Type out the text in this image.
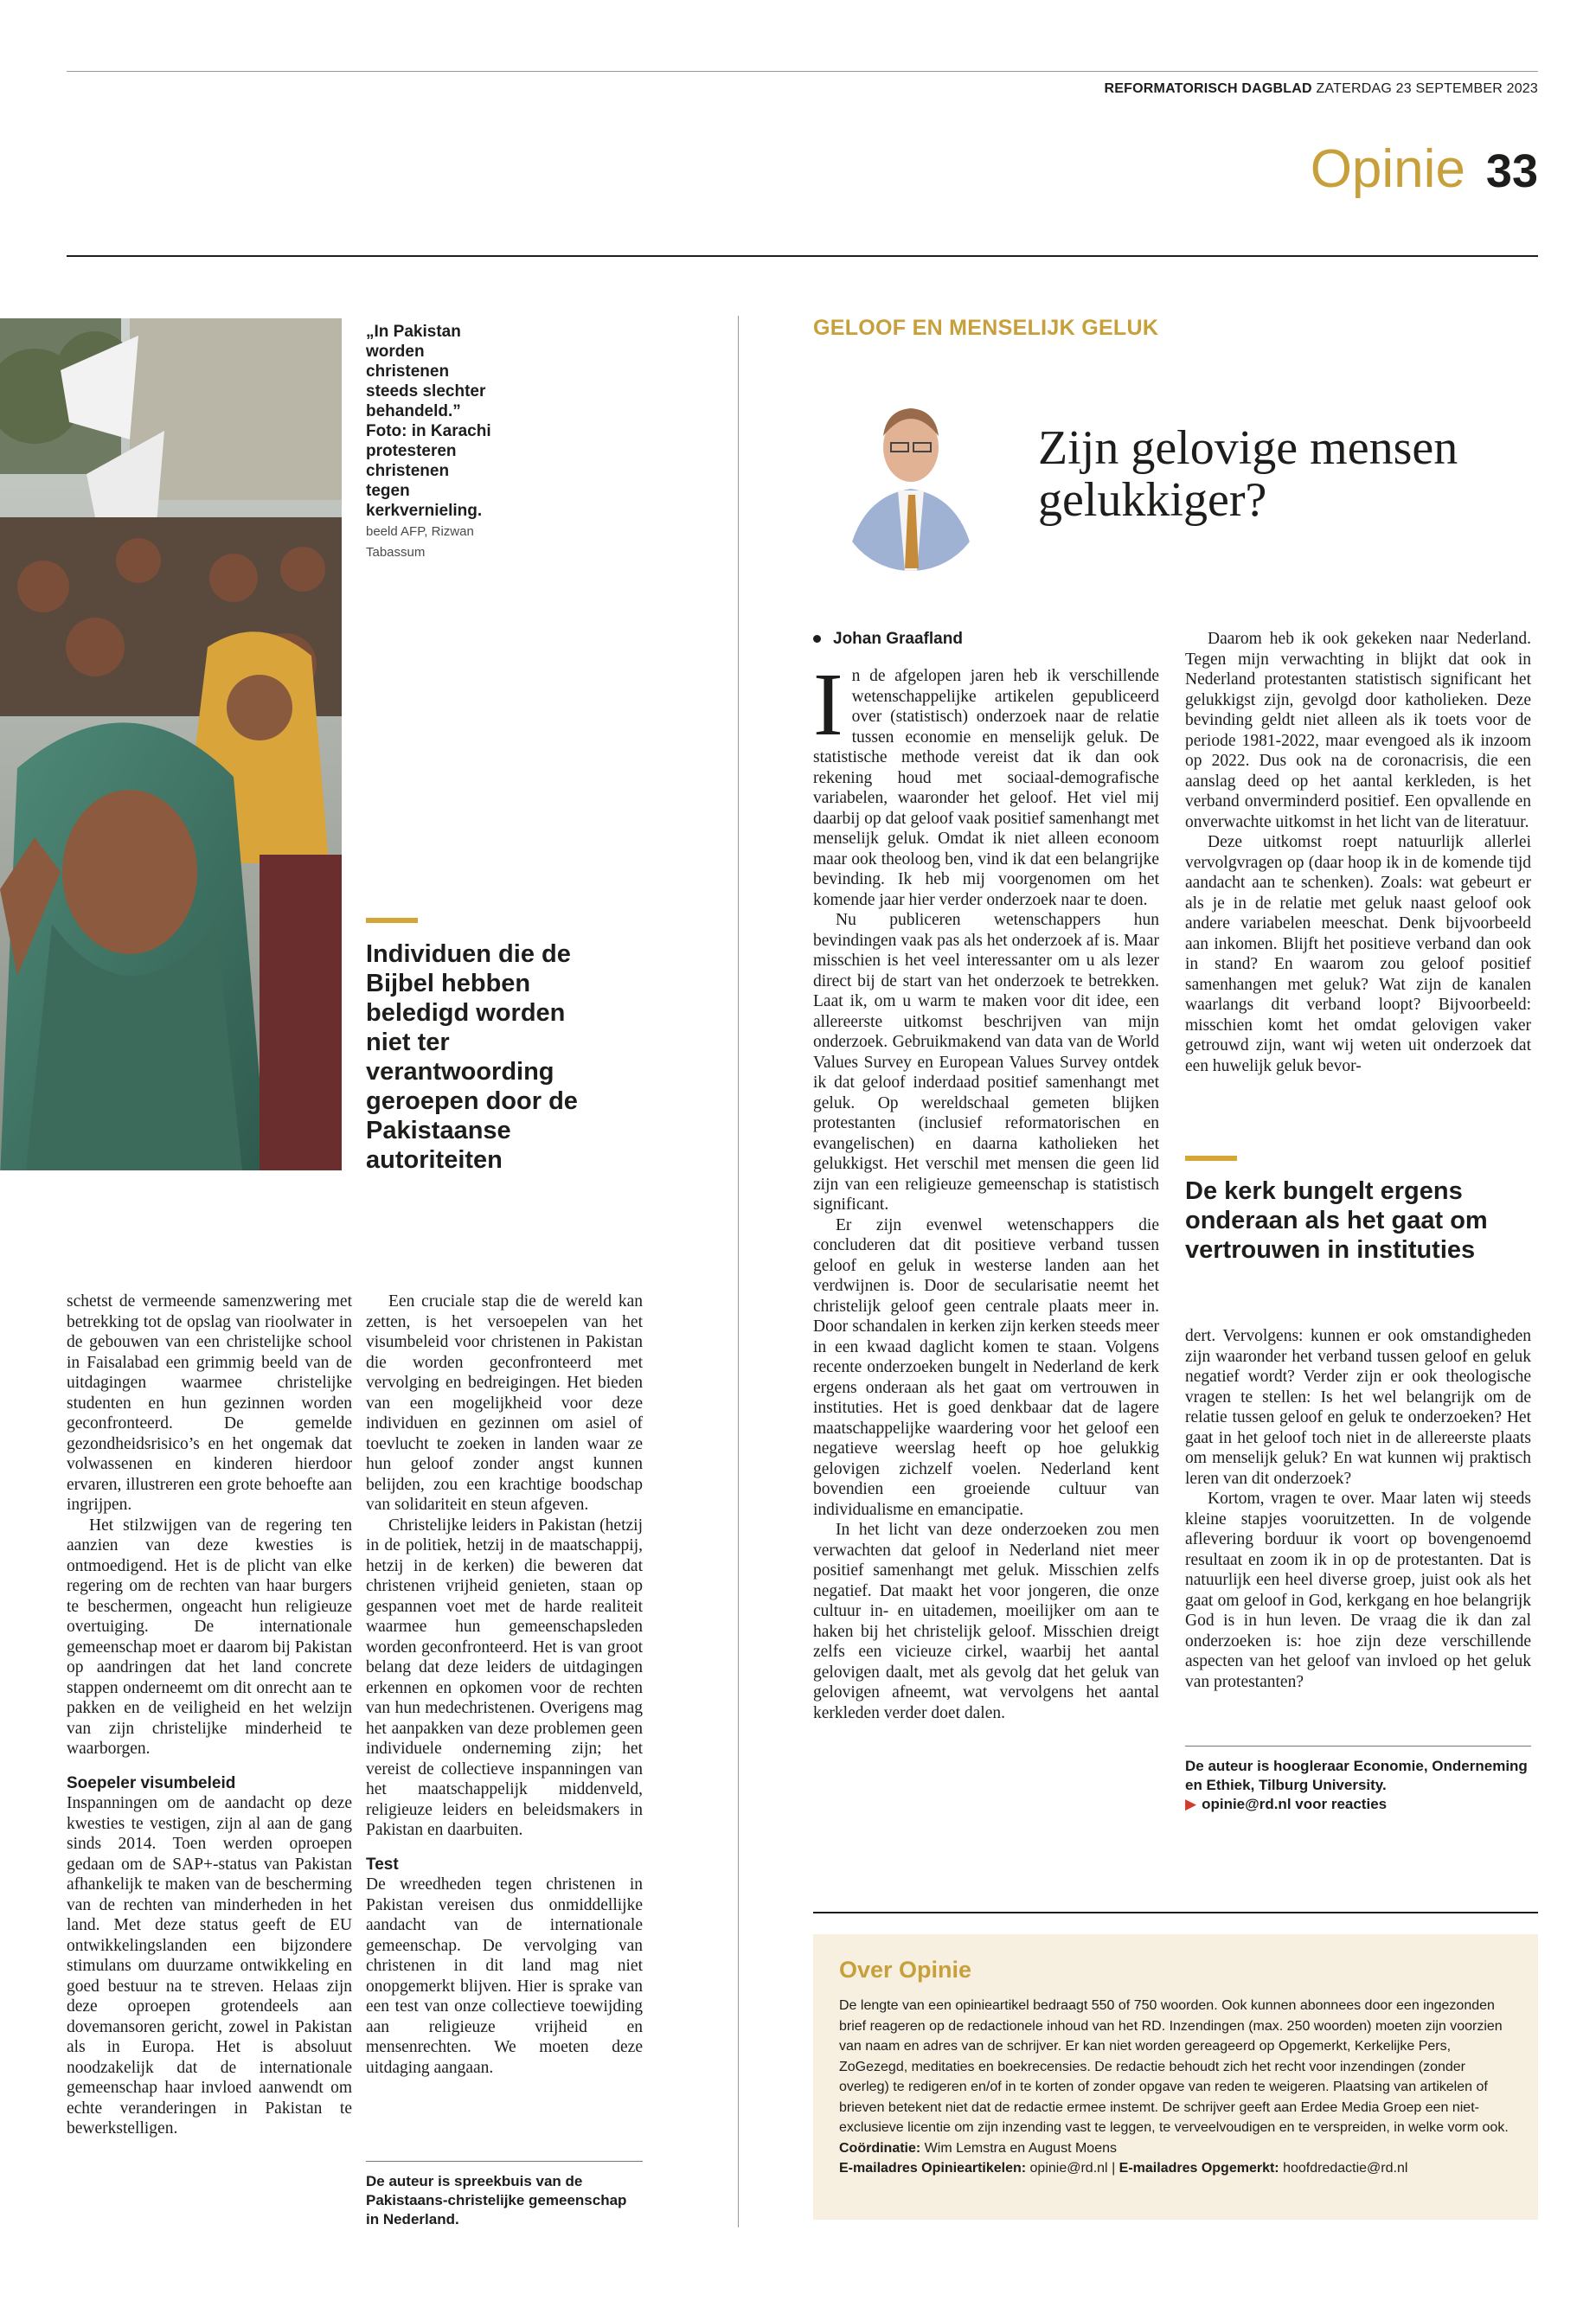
REFORMATORISCH DAGBLAD ZATERDAG 23 SEPTEMBER 2023
Opinie 33
„In Pakistan worden christenen steeds slechter behandeld.” Foto: in Karachi protesteren christenen tegen kerkvernieling. beeld AFP, Rizwan Tabassum
Individuen die de Bijbel hebben beledigd worden niet ter verantwoording geroepen door de Pakistaanse autoriteiten

schetst de vermeende samenzwering met betrekking tot de opslag van rioolwater in de gebouwen van een christelijke school in Faisalabad een grimmig beeld van de uitdagingen waarmee christelijke studenten en hun gezinnen worden geconfronteerd. De gemelde gezondheidsrisico’s en het ongemak dat volwassenen en kinderen hierdoor ervaren, illustreren een grote behoefte aan ingrijpen.

Het stilzwijgen van de regering ten aanzien van deze kwesties is ontmoedigend. Het is de plicht van elke regering om de rechten van haar burgers te beschermen, ongeacht hun religieuze overtuiging. De internationale gemeenschap moet er daarom bij Pakistan op aandringen dat het land concrete stappen onderneemt om dit onrecht aan te pakken en de veiligheid en het welzijn van zijn christelijke minderheid te waarborgen.

Soepeler visumbeleid

Inspanningen om de aandacht op deze kwesties te vestigen, zijn al aan de gang sinds 2014. Toen werden oproepen gedaan om de SAP+-status van Pakistan afhankelijk te maken van de bescherming van de rechten van minderheden in het land. Met deze status geeft de EU ontwikkelingslanden een bijzondere stimulans om duurzame ontwikkeling en goed bestuur na te streven. Helaas zijn deze oproepen grotendeels aan dovemansoren gericht, zowel in Pakistan als in Europa. Het is absoluut noodzakelijk dat de internationale gemeenschap haar invloed aanwendt om echte veranderingen in Pakistan te bewerkstelligen.

Een cruciale stap die de wereld kan zetten, is het versoepelen van het visumbeleid voor christenen in Pakistan die worden geconfronteerd met vervolging en bedreigingen. Het bieden van een mogelijkheid voor deze individuen en gezinnen om asiel of toevlucht te zoeken in landen waar ze hun geloof zonder angst kunnen belijden, zou een krachtige boodschap van solidariteit en steun afgeven.

Christelijke leiders in Pakistan (hetzij in de politiek, hetzij in de maatschappij, hetzij in de kerken) die beweren dat christenen vrijheid genieten, staan op gespannen voet met de harde realiteit waarmee hun gemeenschapsleden worden geconfronteerd. Het is van groot belang dat deze leiders de uitdagingen erkennen en opkomen voor de rechten van hun medechristenen. Overigens mag het aanpakken van deze problemen geen individuele onderneming zijn; het vereist de collectieve inspanningen van het maatschappelijk middenveld, religieuze leiders en beleidsmakers in Pakistan en daarbuiten.

Test

De wreedheden tegen christenen in Pakistan vereisen dus onmiddellijke aandacht van de internationale gemeenschap. De vervolging van christenen in dit land mag niet onopgemerkt blijven. Hier is sprake van een test van onze collectieve toewijding aan religieuze vrijheid en mensenrechten. We moeten deze uitdaging aangaan.

De auteur is spreekbuis van de Pakistaans-christelijke gemeenschap in Nederland.
GELOOF EN MENSELIJK GELUK
Zijn gelovige mensen gelukkiger?
Johan Graafland

In de afgelopen jaren heb ik verschillende wetenschappelijke artikelen gepubliceerd over (statistisch) onderzoek naar de relatie tussen economie en menselijk geluk. De statistische methode vereist dat ik dan ook rekening houd met sociaal-demografische variabelen, waaronder het geloof. Het viel mij daarbij op dat geloof vaak positief samenhangt met menselijk geluk. Omdat ik niet alleen econoom maar ook theoloog ben, vind ik dat een belangrijke bevinding. Ik heb mij voorgenomen om het komende jaar hier verder onderzoek naar te doen.

Nu publiceren wetenschappers hun bevindingen vaak pas als het onderzoek af is. Maar misschien is het veel interessanter om u als lezer direct bij de start van het onderzoek te betrekken. Laat ik, om u warm te maken voor dit idee, een allereerste uitkomst beschrijven van mijn onderzoek. Gebruikmakend van data van de World Values Survey en European Values Survey ontdek ik dat geloof inderdaad positief samenhangt met geluk. Op wereldschaal gemeten blijken protestanten (inclusief reformatorischen en evangelischen) en daarna katholieken het gelukkigst. Het verschil met mensen die geen lid zijn van een religieuze gemeenschap is statistisch significant.

Er zijn evenwel wetenschappers die concluderen dat dit positieve verband tussen geloof en geluk in westerse landen aan het verdwijnen is. Door de secularisatie neemt het christelijk geloof geen centrale plaats meer in. Door schandalen in kerken zijn kerken steeds meer in een kwaad daglicht komen te staan. Volgens recente onderzoeken bungelt in Nederland de kerk ergens onderaan als het gaat om vertrouwen in instituties. Het is goed denkbaar dat de lagere maatschappelijke waardering voor het geloof een negatieve weerslag heeft op hoe gelukkig gelovigen zichzelf voelen. Nederland kent bovendien een groeiende cultuur van individualisme en emancipatie.

In het licht van deze onderzoeken zou men verwachten dat geloof in Nederland niet meer positief samenhangt met geluk. Misschien zelfs negatief. Dat maakt het voor jongeren, die onze cultuur in- en uitademen, moeilijker om aan te haken bij het christelijk geloof. Misschien dreigt zelfs een vicieuze cirkel, waarbij het aantal gelovigen daalt, met als gevolg dat het geluk van gelovigen afneemt, wat vervolgens het aantal kerkleden verder doet dalen.

Daarom heb ik ook gekeken naar Nederland. Tegen mijn verwachting in blijkt dat ook in Nederland protestanten statistisch significant het gelukkigst zijn, gevolgd door katholieken. Deze bevinding geldt niet alleen als ik toets voor de periode 1981-2022, maar evengoed als ik inzoom op 2022. Dus ook na de coronacrisis, die een aanslag deed op het aantal kerkleden, is het verband onverminderd positief. Een opvallende en onverwachte uitkomst in het licht van de literatuur.

Deze uitkomst roept natuurlijk allerlei vervolgvragen op (daar hoop ik in de komende tijd aandacht aan te schenken). Zoals: wat gebeurt er als je in de relatie met geluk naast geloof ook andere variabelen meeschat. Denk bijvoorbeeld aan inkomen. Blijft het positieve verband dan ook in stand? En waarom zou geloof positief samenhangen met geluk? Wat zijn de kanalen waarlangs dit verband loopt? Bijvoorbeeld: misschien komt het omdat gelovigen vaker getrouwd zijn, want wij weten uit onderzoek dat een huwelijk geluk bevor-

De kerk bungelt ergens onderaan als het gaat om vertrouwen in instituties

dert. Vervolgens: kunnen er ook omstandigheden zijn waaronder het verband tussen geloof en geluk negatief wordt? Verder zijn er ook theologische vragen te stellen: Is het wel belangrijk om de relatie tussen geloof en geluk te onderzoeken? Het gaat in het geloof toch niet in de allereerste plaats om menselijk geluk? En wat kunnen wij praktisch leren van dit onderzoek?

Kortom, vragen te over. Maar laten wij steeds kleine stapjes vooruitzetten. In de volgende aflevering borduur ik voort op bovengenoemd resultaat en zoom ik in op de protestanten. Dat is natuurlijk een heel diverse groep, juist ook als het gaat om geloof in God, kerkgang en hoe belangrijk God is in hun leven. De vraag die ik dan zal onderzoeken is: hoe zijn deze verschillende aspecten van het geloof van invloed op het geluk van protestanten?

De auteur is hoogleraar Economie, Onderneming en Ethiek, Tilburg University.
▶ opinie@rd.nl voor reacties
Over Opinie

De lengte van een opinieartikel bedraagt 550 of 750 woorden. Ook kunnen abonnees door een ingezonden brief reageren op de redactionele inhoud van het RD. Inzendingen (max. 250 woorden) moeten zijn voorzien van naam en adres van de schrijver. Er kan niet worden gereageerd op Opgemerkt, Kerkelijke Pers, ZoGezegd, meditaties en boekrecensies. De redactie behoudt zich het recht voor inzendingen (zonder overleg) te redigeren en/of in te korten of zonder opgave van reden te weigeren. Plaatsing van artikelen of brieven betekent niet dat de redactie ermee instemt. De schrijver geeft aan Erdee Media Groep een niet-exclusieve licentie om zijn inzending vast te leggen, te verveelvoudigen en te verspreiden, in welke vorm ook.

Coördinatie: Wim Lemstra en August Moens
E-mailadres Opinieartikelen: opinie@rd.nl | E-mailadres Opgemerkt: hoofdredactie@rd.nl
